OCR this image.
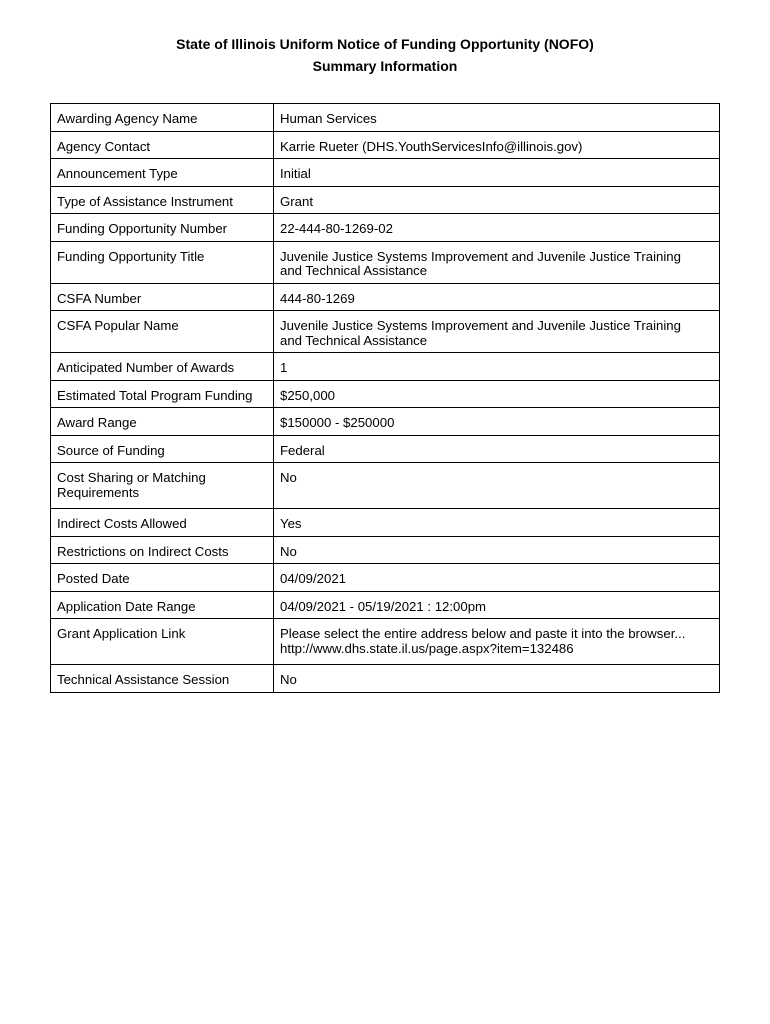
State of Illinois Uniform Notice of Funding Opportunity (NOFO)

Summary Information

Awarding Agency Name	Human Services

Agency Contact	Karrie Rueter (DHS.YouthServicesInfo@illinois.gov)

Announcement Type	Initial

Type of Assistance Instrument	Grant

Funding Opportunity Number	22-444-80-1269-02

Funding Opportunity Title	Juvenile Justice Systems Improvement and Juvenile Justice Training
and Technical Assistance

CSFA Number	444-80-1269

CSFA Popular Name	Juvenile Justice Systems Improvement and Juvenile Justice Training
and Technical Assistance

Anticipated Number of Awards	1

Estimated Total Program Funding	$250,000

Award Range	$150000 - $250000

Source of Funding	Federal

Cost Sharing or Matching
Requirements	No

Indirect Costs Allowed	Yes

Restrictions on Indirect Costs	No

Posted Date	04/09/2021

Application Date Range	04/09/2021 - 05/19/2021 : 12:00pm

Grant Application Link	Please select the entire address below and paste it into the browser...
http://www.dhs.state.il.us/page.aspx?item=132486

Technical Assistance Session	No
